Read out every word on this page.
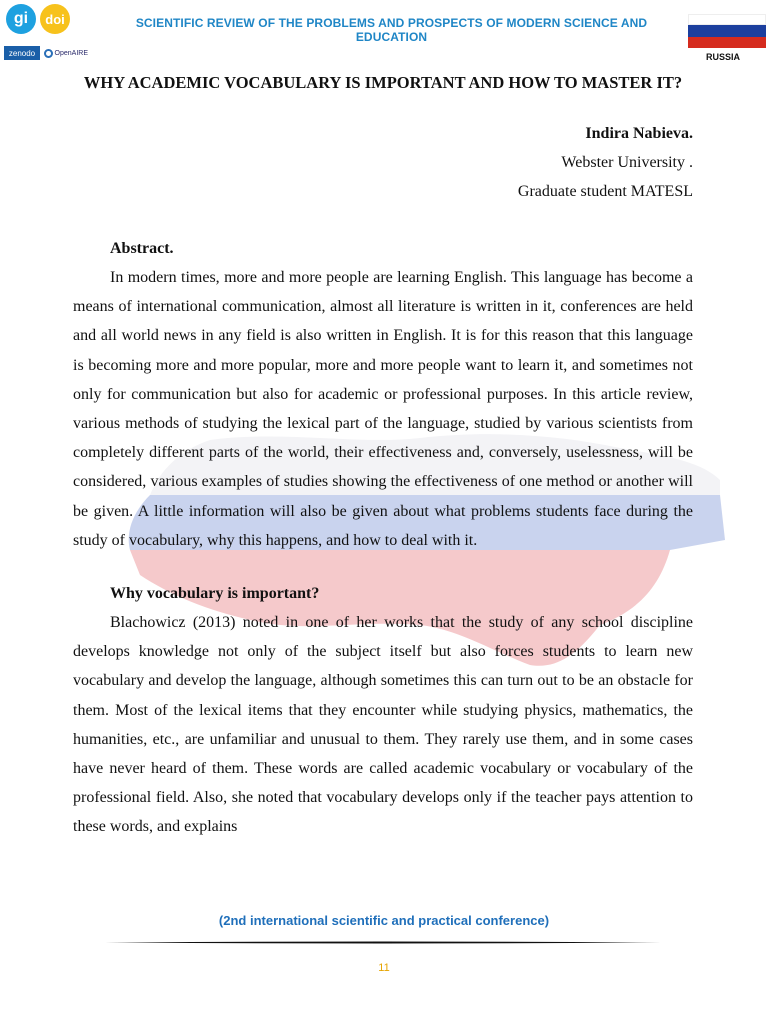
gi doi
zenodo	OpenAIRE
SCIENTIFIC REVIEW OF THE PROBLEMS AND PROSPECTS OF MODERN SCIENCE AND EDUCATION
RUSSIA

WHY ACADEMIC VOCABULARY IS IMPORTANT AND HOW TO MASTER IT?

Indira Nabieva.
Webster University .
Graduate student MATESL

Abstract.

In modern times, more and more people are learning English. This language has become a means of international communication, almost all literature is written in it, conferences are held and all world news in any field is also written in English. It is for this reason that this language is becoming more and more popular, more and more people want to learn it, and sometimes not only for communication but also for academic or professional purposes. In this article review, various methods of studying the lexical part of the language, studied by various scientists from completely different parts of the world, their effectiveness and, conversely, uselessness, will be considered, various examples of studies showing the effectiveness of one method or another will be given. A little information will also be given about what problems students face during the study of vocabulary, why this happens, and how to deal with it.

Why vocabulary is important?

Blachowicz (2013) noted in one of her works that the study of any school discipline develops knowledge not only of the subject itself but also forces students to learn new vocabulary and develop the language, although sometimes this can turn out to be an obstacle for them. Most of the lexical items that they encounter while studying physics, mathematics, the humanities, etc., are unfamiliar and unusual to them. They rarely use them, and in some cases have never heard of them. These words are called academic vocabulary or vocabulary of the professional field. Also, she noted that vocabulary develops only if the teacher pays attention to these words, and explains

(2nd international scientific and practical conference)
11
